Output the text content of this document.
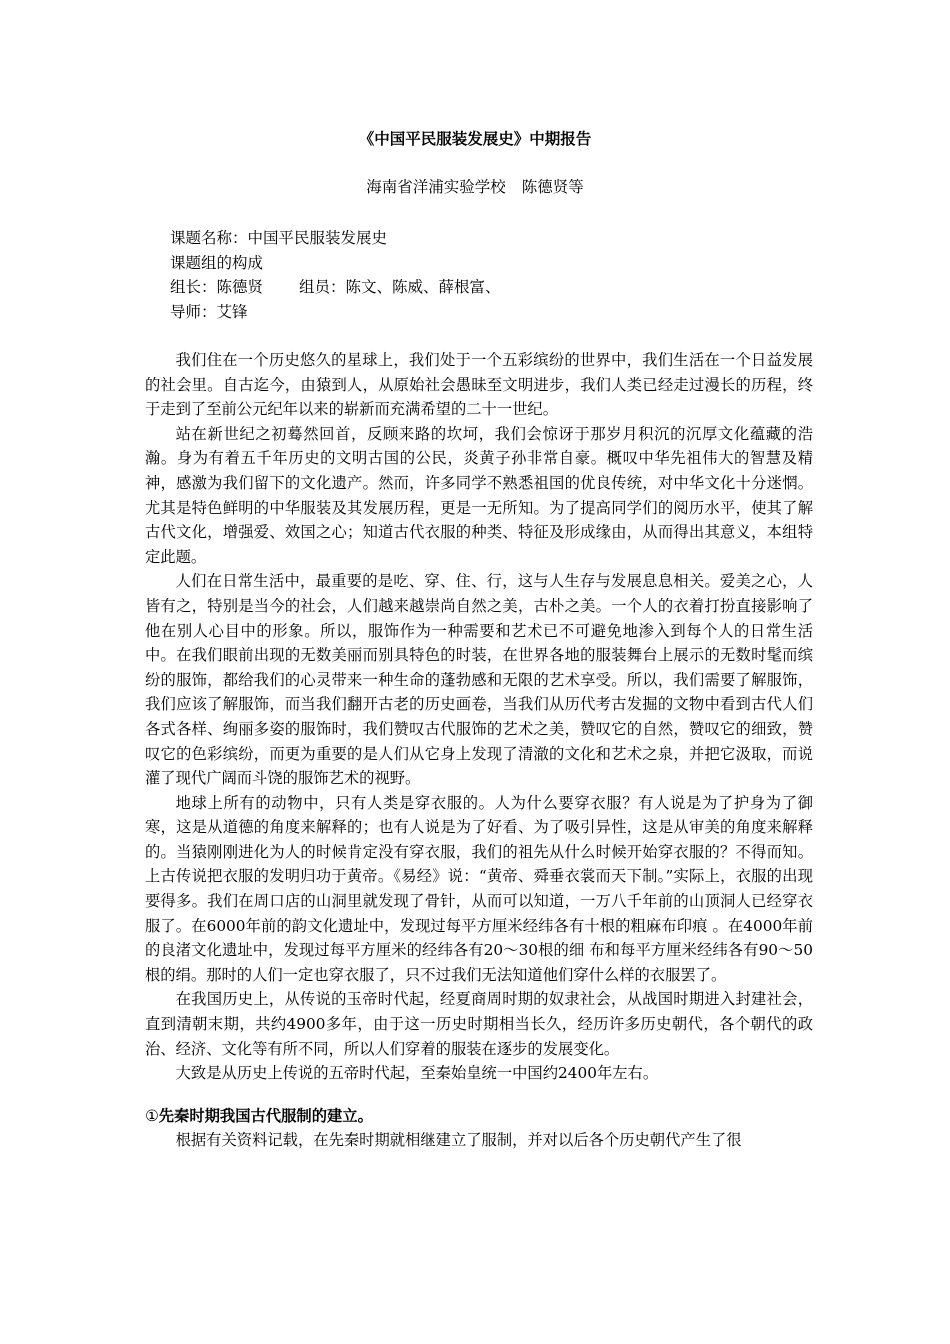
《中国平民服装发展史》中期报告
海南省洋浦实验学校 陈德贤等
课题名称：中国平民服装发展史
课题组的构成
组长：陈德贤 组员：陈文、陈威、薛根富、
导师：艾锋

我们住在一个历史悠久的星球上，我们处于一个五彩缤纷的世界中，我们生活在一个日益发展的社会里。自古迄今，由猿到人，从原始社会愚昧至文明进步，我们人类已经走过漫长的历程，终于走到了至前公元纪年以来的崭新而充满希望的二十一世纪。

站在新世纪之初蓦然回首，反顾来路的坎坷，我们会惊讶于那岁月积沉的沉厚文化蕴藏的浩瀚。身为有着五千年历史的文明古国的公民，炎黄子孙非常自豪。概叹中华先祖伟大的智慧及精神，感激为我们留下的文化遗产。然而，许多同学不熟悉祖国的优良传统，对中华文化十分迷惘。尤其是特色鲜明的中华服装及其发展历程，更是一无所知。为了提高同学们的阅历水平，使其了解古代文化，增强爱、效国之心；知道古代衣服的种类、特征及形成缘由，从而得出其意义，本组特定此题。

人们在日常生活中，最重要的是吃、穿、住、行，这与人生存与发展息息相关。爱美之心，人皆有之，特别是当今的社会，人们越来越崇尚自然之美，古朴之美。一个人的衣着打扮直接影响了他在别人心目中的形象。所以，服饰作为一种需要和艺术已不可避免地渗入到每个人的日常生活中。在我们眼前出现的无数美丽而别具特色的时装，在世界各地的服装舞台上展示的无数时髦而缤纷的服饰，都给我们的心灵带来一种生命的蓬勃感和无限的艺术享受。所以，我们需要了解服饰，我们应该了解服饰，而当我们翻开古老的历史画卷，当我们从历代考古发掘的文物中看到古代人们各式各样、绚丽多姿的服饰时，我们赞叹古代服饰的艺术之美，赞叹它的自然，赞叹它的细致，赞叹它的色彩缤纷，而更为重要的是人们从它身上发现了清澈的文化和艺术之泉，并把它汲取，而说灌了现代广阔而斗饶的服饰艺术的视野。

地球上所有的动物中，只有人类是穿衣服的。人为什么要穿衣服？有人说是为了护身为了御寒，这是从道德的角度来解释的；也有人说是为了好看、为了吸引异性，这是从审美的角度来解释的。当猿刚刚进化为人的时候肯定没有穿衣服，我们的祖先从什么时候开始穿衣服的？不得而知。上古传说把衣服的发明归功于黄帝。《易经》说：“黄帝、舜垂衣裳而天下制。”实际上，衣服的出现要得多。我们在周口店的山洞里就发现了骨针，从而可以知道，一万八千年前的山顶洞人已经穿衣服了。在6000年前的韵文化遗址中，发现过每平方厘米经纬各有十根的粗麻布印痕 。在4000年前的良渚文化遗址中，发现过每平方厘米的经纬各有20～30根的细 布和每平方厘米经纬各有90～50根的绢。那时的人们一定也穿衣服了，只不过我们无法知道他们穿什么样的衣服罢了。

在我国历史上，从传说的玉帝时代起，经夏商周时期的奴隶社会，从战国时期进入封建社会，直到清朝末期，共约4900多年，由于这一历史时期相当长久，经历许多历史朝代，各个朝代的政治、经济、文化等有所不同，所以人们穿着的服装在逐步的发展变化。

大致是从历史上传说的五帝时代起，至秦始皇统一中国约2400年左右。

①先秦时期我国古代服制的建立。

根据有关资料记载，在先秦时期就相继建立了服制，并对以后各个历史朝代产生了很
